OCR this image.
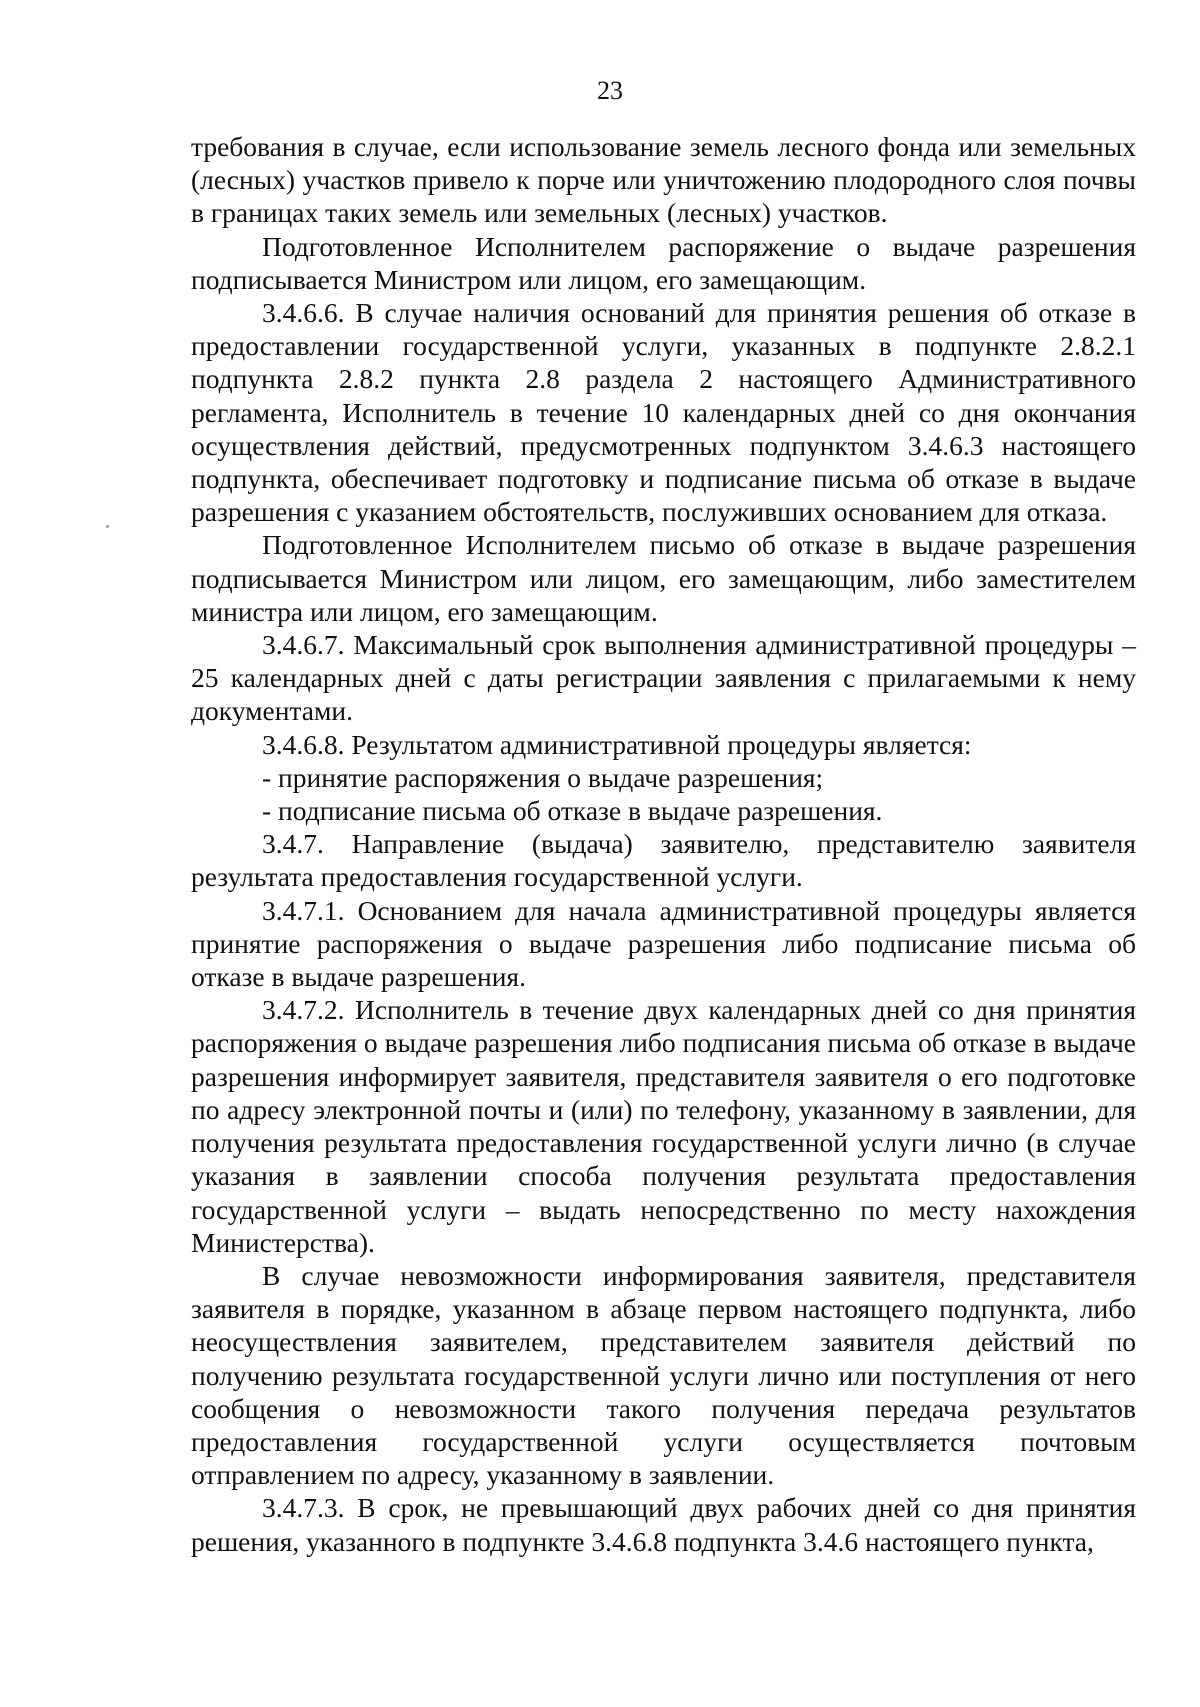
23

требования в случае, если использование земель лесного фонда или земельных (лесных) участков привело к порче или уничтожению плодородного слоя почвы в границах таких земель или земельных (лесных) участков.

Подготовленное Исполнителем распоряжение о выдаче разрешения подписывается Министром или лицом, его замещающим.

3.4.6.6. В случае наличия оснований для принятия решения об отказе в предоставлении государственной услуги, указанных в подпункте 2.8.2.1 подпункта 2.8.2 пункта 2.8 раздела 2 настоящего Административного регламента, Исполнитель в течение 10 календарных дней со дня окончания осуществления действий, предусмотренных подпунктом 3.4.6.3 настоящего подпункта, обеспечивает подготовку и подписание письма об отказе в выдаче разрешения с указанием обстоятельств, послуживших основанием для отказа.

Подготовленное Исполнителем письмо об отказе в выдаче разрешения подписывается Министром или лицом, его замещающим, либо заместителем министра или лицом, его замещающим.

3.4.6.7. Максимальный срок выполнения административной процедуры – 25 календарных дней с даты регистрации заявления с прилагаемыми к нему документами.

3.4.6.8. Результатом административной процедуры является:

- принятие распоряжения о выдаче разрешения;

- подписание письма об отказе в выдаче разрешения.

3.4.7. Направление (выдача) заявителю, представителю заявителя результата предоставления государственной услуги.

3.4.7.1. Основанием для начала административной процедуры является принятие распоряжения о выдаче разрешения либо подписание письма об отказе в выдаче разрешения.

3.4.7.2. Исполнитель в течение двух календарных дней со дня принятия распоряжения о выдаче разрешения либо подписания письма об отказе в выдаче разрешения информирует заявителя, представителя заявителя о его подготовке по адресу электронной почты и (или) по телефону, указанному в заявлении, для получения результата предоставления государственной услуги лично (в случае указания в заявлении способа получения результата предоставления государственной услуги – выдать непосредственно по месту нахождения Министерства).

В случае невозможности информирования заявителя, представителя заявителя в порядке, указанном в абзаце первом настоящего подпункта, либо неосуществления заявителем, представителем заявителя действий по получению результата государственной услуги лично или поступления от него сообщения о невозможности такого получения передача результатов предоставления государственной услуги осуществляется почтовым отправлением по адресу, указанному в заявлении.

3.4.7.3. В срок, не превышающий двух рабочих дней со дня принятия решения, указанного в подпункте 3.4.6.8 подпункта 3.4.6 настоящего пункта,
